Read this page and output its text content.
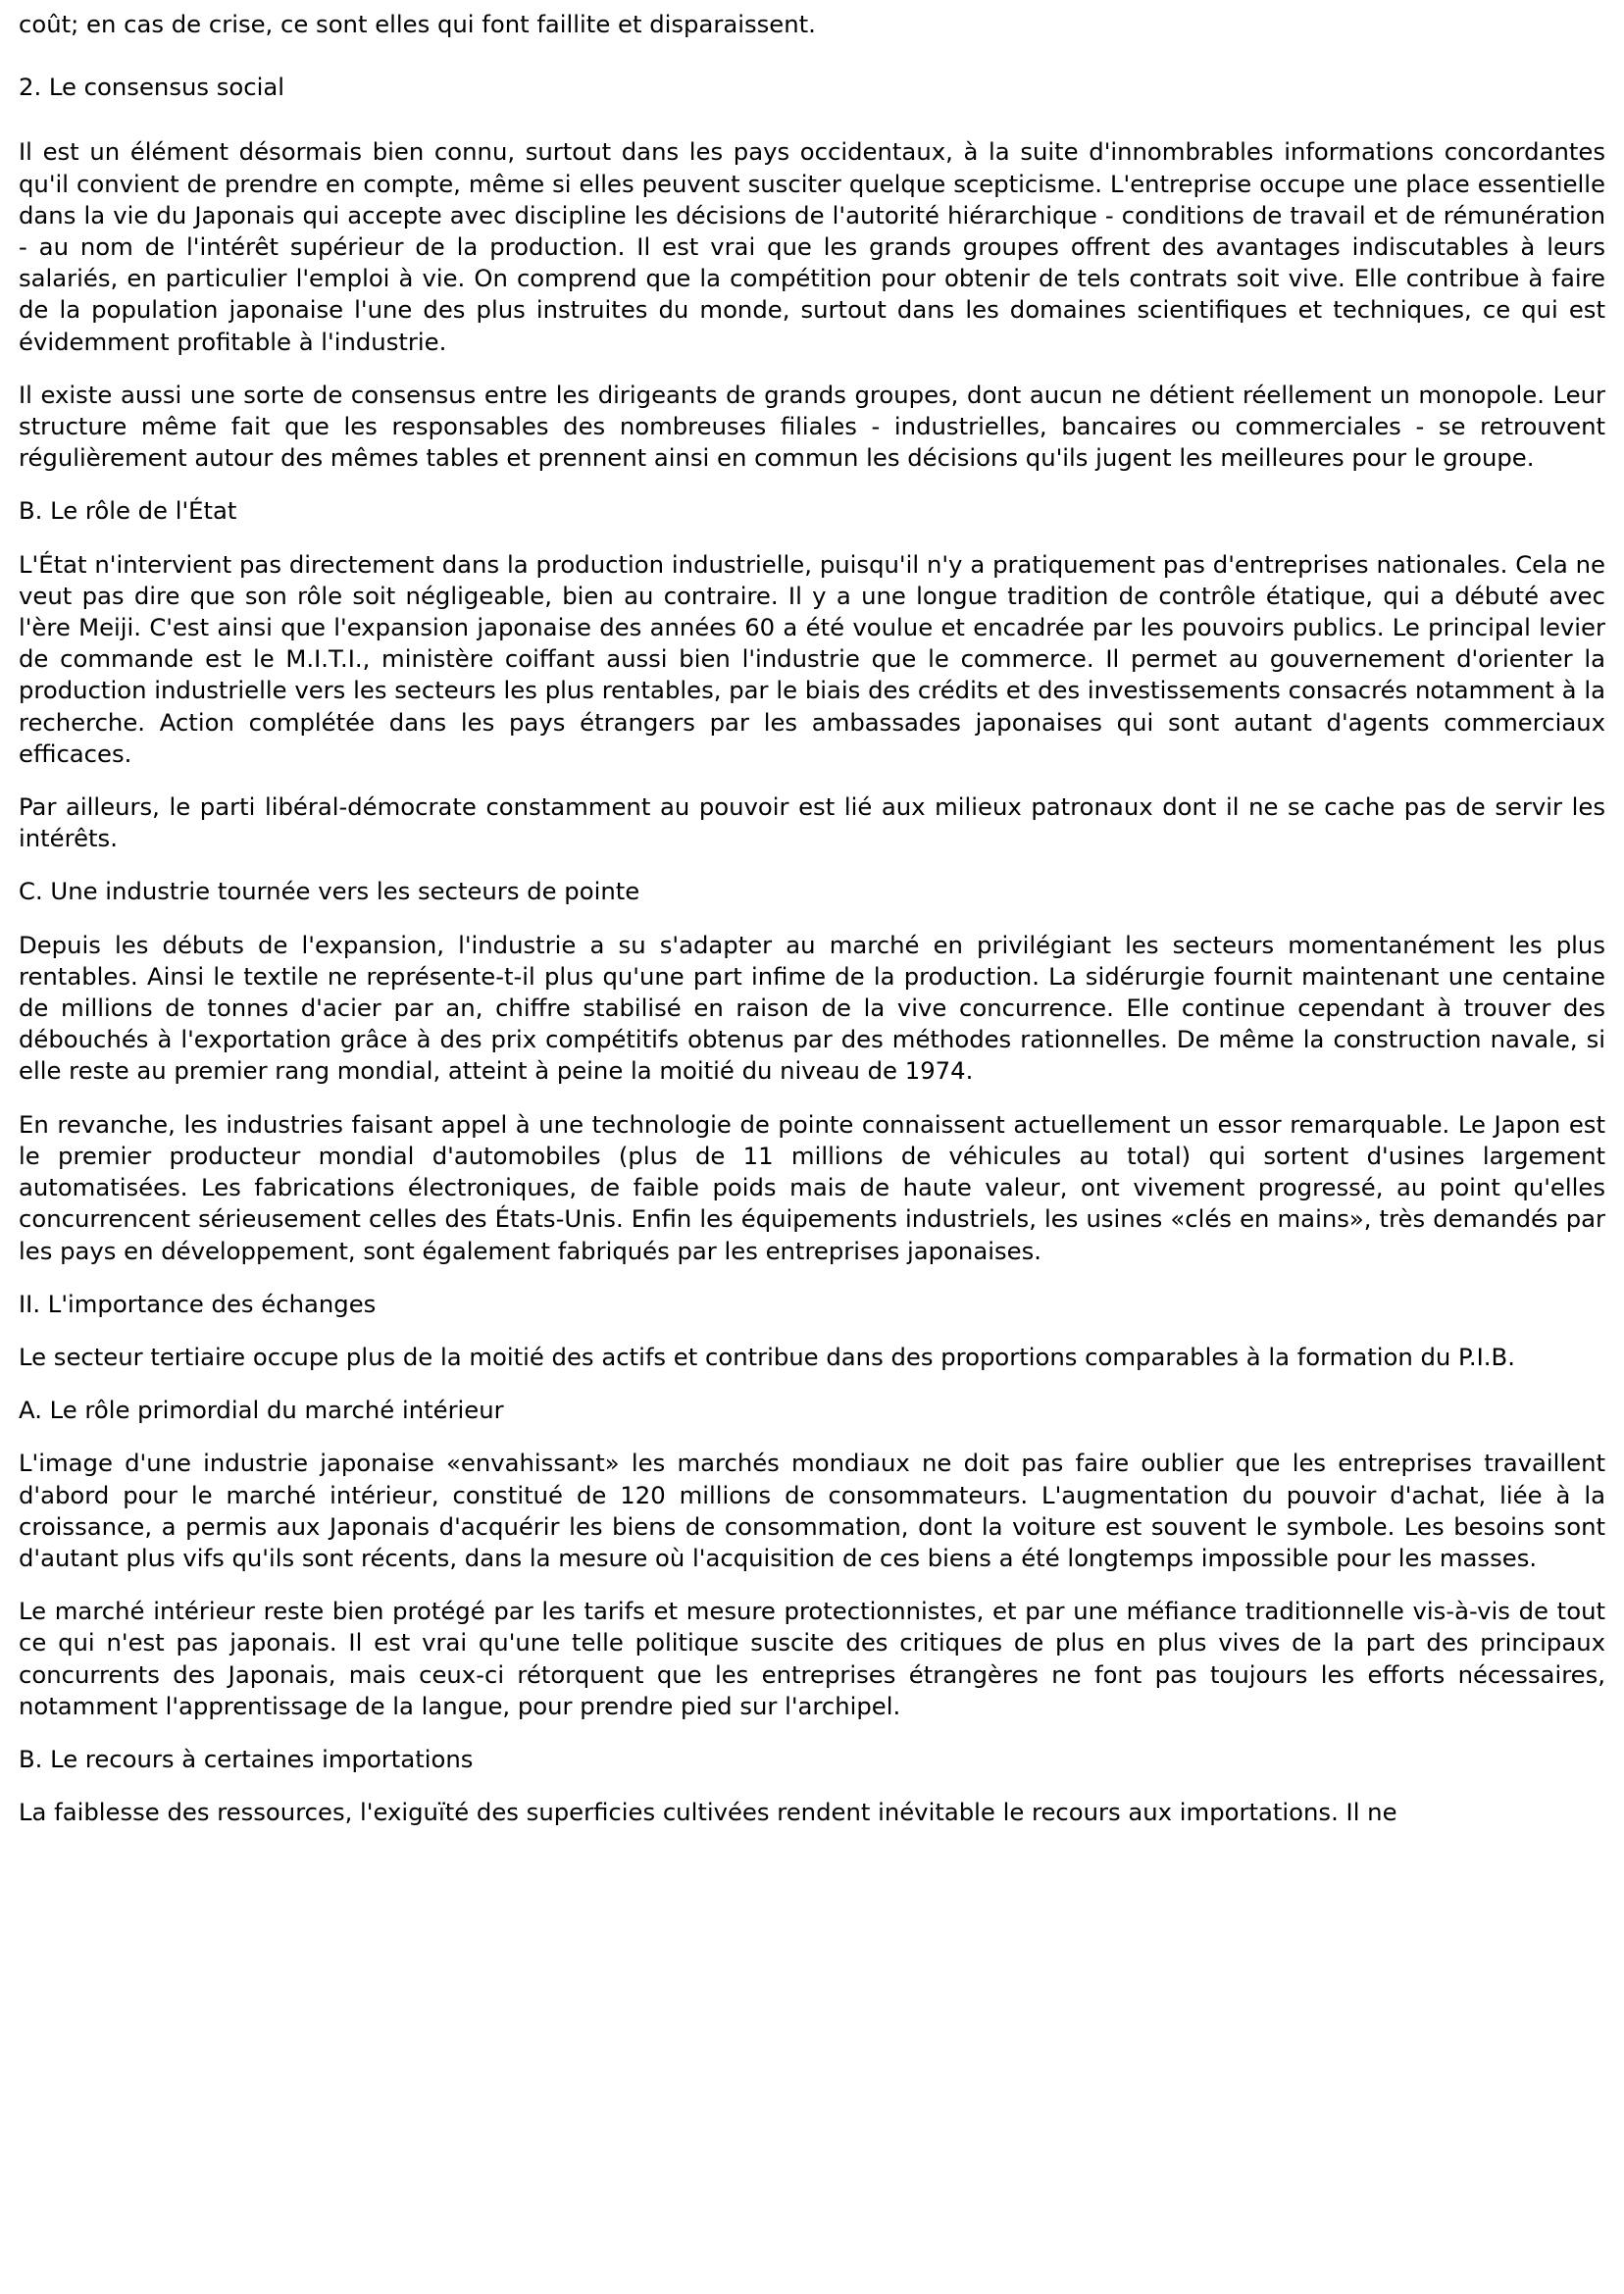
coût; en cas de crise, ce sont elles qui font faillite et disparaissent.

2. Le consensus social

Il est un élément désormais bien connu, surtout dans les pays occidentaux, à la suite d'innombrables informations concordantes qu'il convient de prendre en compte, même si elles peuvent susciter quelque scepticisme. L'entreprise occupe une place essentielle dans la vie du Japonais qui accepte avec discipline les décisions de l'autorité hiérarchique - conditions de travail et de rémunération - au nom de l'intérêt supérieur de la production. Il est vrai que les grands groupes offrent des avantages indiscutables à leurs salariés, en particulier l'emploi à vie. On comprend que la compétition pour obtenir de tels contrats soit vive. Elle contribue à faire de la population japonaise l'une des plus instruites du monde, surtout dans les domaines scientifiques et techniques, ce qui est évidemment profitable à l'industrie.

Il existe aussi une sorte de consensus entre les dirigeants de grands groupes, dont aucun ne détient réellement un monopole. Leur structure même fait que les responsables des nombreuses filiales - industrielles, bancaires ou commerciales - se retrouvent régulièrement autour des mêmes tables et prennent ainsi en commun les décisions qu'ils jugent les meilleures pour le groupe.

B. Le rôle de l'État

L'État n'intervient pas directement dans la production industrielle, puisqu'il n'y a pratiquement pas d'entreprises nationales. Cela ne veut pas dire que son rôle soit négligeable, bien au contraire. Il y a une longue tradition de contrôle étatique, qui a débuté avec l'ère Meiji. C'est ainsi que l'expansion japonaise des années 60 a été voulue et encadrée par les pouvoirs publics. Le principal levier de commande est le M.I.T.I., ministère coiffant aussi bien l'industrie que le commerce. Il permet au gouvernement d'orienter la production industrielle vers les secteurs les plus rentables, par le biais des crédits et des investissements consacrés notamment à la recherche. Action complétée dans les pays étrangers par les ambassades japonaises qui sont autant d'agents commerciaux efficaces.

Par ailleurs, le parti libéral-démocrate constamment au pouvoir est lié aux milieux patronaux dont il ne se cache pas de servir les intérêts.

C. Une industrie tournée vers les secteurs de pointe

Depuis les débuts de l'expansion, l'industrie a su s'adapter au marché en privilégiant les secteurs momentanément les plus rentables. Ainsi le textile ne représente-t-il plus qu'une part infime de la production. La sidérurgie fournit maintenant une centaine de millions de tonnes d'acier par an, chiffre stabilisé en raison de la vive concurrence. Elle continue cependant à trouver des débouchés à l'exportation grâce à des prix compétitifs obtenus par des méthodes rationnelles. De même la construction navale, si elle reste au premier rang mondial, atteint à peine la moitié du niveau de 1974.

En revanche, les industries faisant appel à une technologie de pointe connaissent actuellement un essor remarquable. Le Japon est le premier producteur mondial d'automobiles (plus de 11 millions de véhicules au total) qui sortent d'usines largement automatisées. Les fabrications électroniques, de faible poids mais de haute valeur, ont vivement progressé, au point qu'elles concurrencent sérieusement celles des États-Unis. Enfin les équipements industriels, les usines «clés en mains», très demandés par les pays en développement, sont également fabriqués par les entreprises japonaises.

II. L'importance des échanges

Le secteur tertiaire occupe plus de la moitié des actifs et contribue dans des proportions comparables à la formation du P.I.B.

A. Le rôle primordial du marché intérieur

L'image d'une industrie japonaise «envahissant» les marchés mondiaux ne doit pas faire oublier que les entreprises travaillent d'abord pour le marché intérieur, constitué de 120 millions de consommateurs. L'augmentation du pouvoir d'achat, liée à la croissance, a permis aux Japonais d'acquérir les biens de consommation, dont la voiture est souvent le symbole. Les besoins sont d'autant plus vifs qu'ils sont récents, dans la mesure où l'acquisition de ces biens a été longtemps impossible pour les masses.

Le marché intérieur reste bien protégé par les tarifs et mesure protectionnistes, et par une méfiance traditionnelle vis-à-vis de tout ce qui n'est pas japonais. Il est vrai qu'une telle politique suscite des critiques de plus en plus vives de la part des principaux concurrents des Japonais, mais ceux-ci rétorquent que les entreprises étrangères ne font pas toujours les efforts nécessaires, notamment l'apprentissage de la langue, pour prendre pied sur l'archipel.

B. Le recours à certaines importations

La faiblesse des ressources, l'exiguïté des superficies cultivées rendent inévitable le recours aux importations. Il ne
